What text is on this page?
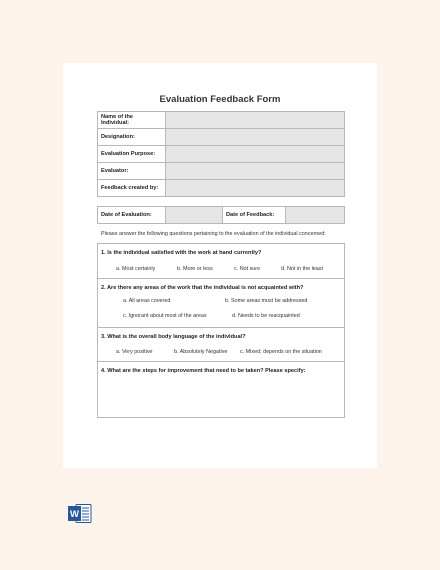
Evaluation Feedback Form
Name of the Individual:	
Designation:	
Evaluation Purpose:	
Evaluator:	
Feedback created by:	
Date of Evaluation:		Date of Feedback:	
Please answer the following questions pertaining to the evaluation of the individual concerned:
1. Is the individual satisfied with the work at hand currently?
a. Most certainly	b. More or less	c. Not sure	d. Not in the least
2. Are there any areas of the work that the individual is not acquainted with?
a. All areas covered	b. Some areas must be addressed
c. Ignorant about most of the areas	d. Needs to be reacquainted
3. What is the overall body language of the individual?
a. Very positive	b. Absolutely Negative c. Mixed; depends on the situation
4. What are the steps for improvement that need to be taken? Please specify:
W
